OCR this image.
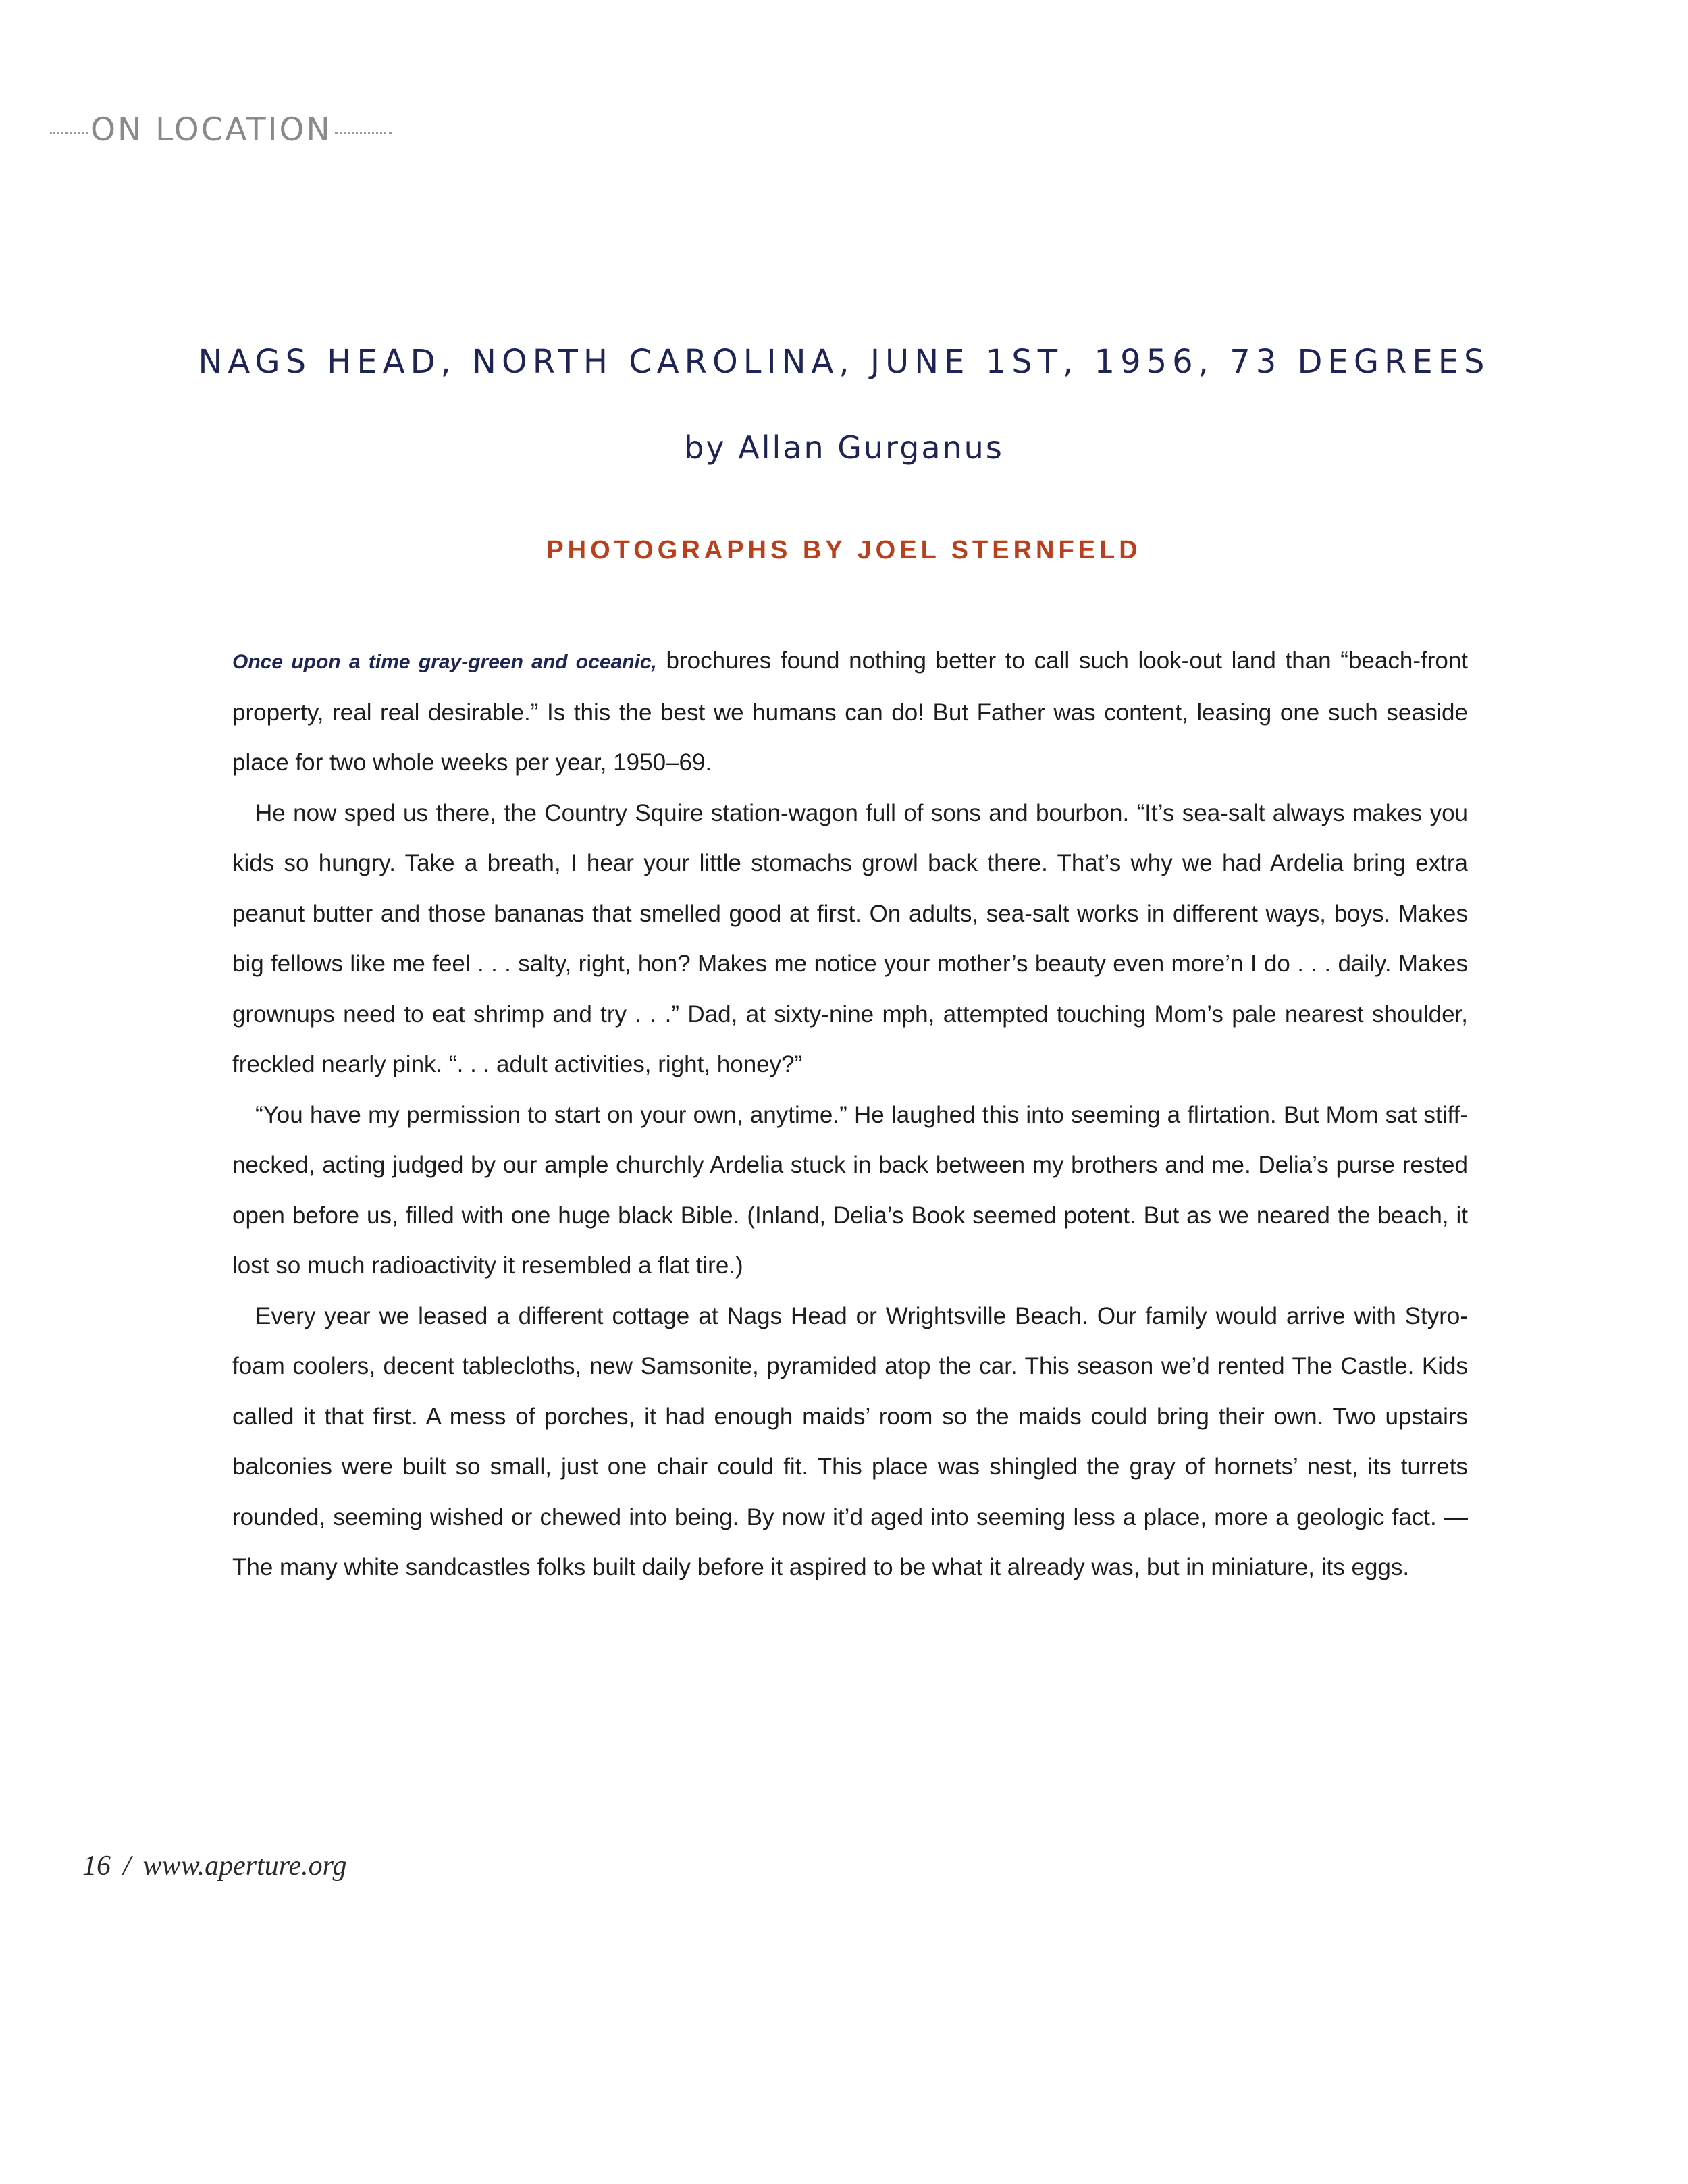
ON LOCATION
NAGS HEAD, NORTH CAROLINA, JUNE 1ST, 1956, 73 DEGREES
by Allan Gurganus
PHOTOGRAPHS BY JOEL STERNFELD

Once upon a time gray-green and oceanic, brochures found nothing better to call such look-out land than “beach-front property, real real desirable.” Is this the best we humans can do! But Father was content, leasing one such seaside place for two whole weeks per year, 1950–69.

He now sped us there, the Country Squire station-wagon full of sons and bourbon. “It’s sea-salt always makes you kids so hungry. Take a breath, I hear your little stomachs growl back there. That’s why we had Ardelia bring extra peanut butter and those bananas that smelled good at first. On adults, sea-salt works in different ways, boys. Makes big fellows like me feel . . . salty, right, hon? Makes me notice your mother’s beauty even more’n I do . . . daily. Makes grownups need to eat shrimp and try . . .” Dad, at sixty-nine mph, attempted touching Mom’s pale nearest shoulder, freckled nearly pink. “. . . adult activities, right, honey?”

“You have my permission to start on your own, anytime.” He laughed this into seeming a flirtation. But Mom sat stiff-necked, acting judged by our ample churchly Ardelia stuck in back between my brothers and me. Delia’s purse rested open before us, filled with one huge black Bible. (Inland, Delia’s Book seemed potent. But as we neared the beach, it lost so much radioactivity it resembled a flat tire.)

Every year we leased a different cottage at Nags Head or Wrightsville Beach. Our family would arrive with Styro-foam coolers, decent tablecloths, new Samsonite, pyramided atop the car. This season we’d rented The Castle. Kids called it that first. A mess of porches, it had enough maids’ room so the maids could bring their own. Two upstairs balconies were built so small, just one chair could fit. This place was shingled the gray of hornets’ nest, its turrets rounded, seeming wished or chewed into being. By now it’d aged into seeming less a place, more a geologic fact. —The many white sandcastles folks built daily before it aspired to be what it already was, but in miniature, its eggs.

16 / www.aperture.org
